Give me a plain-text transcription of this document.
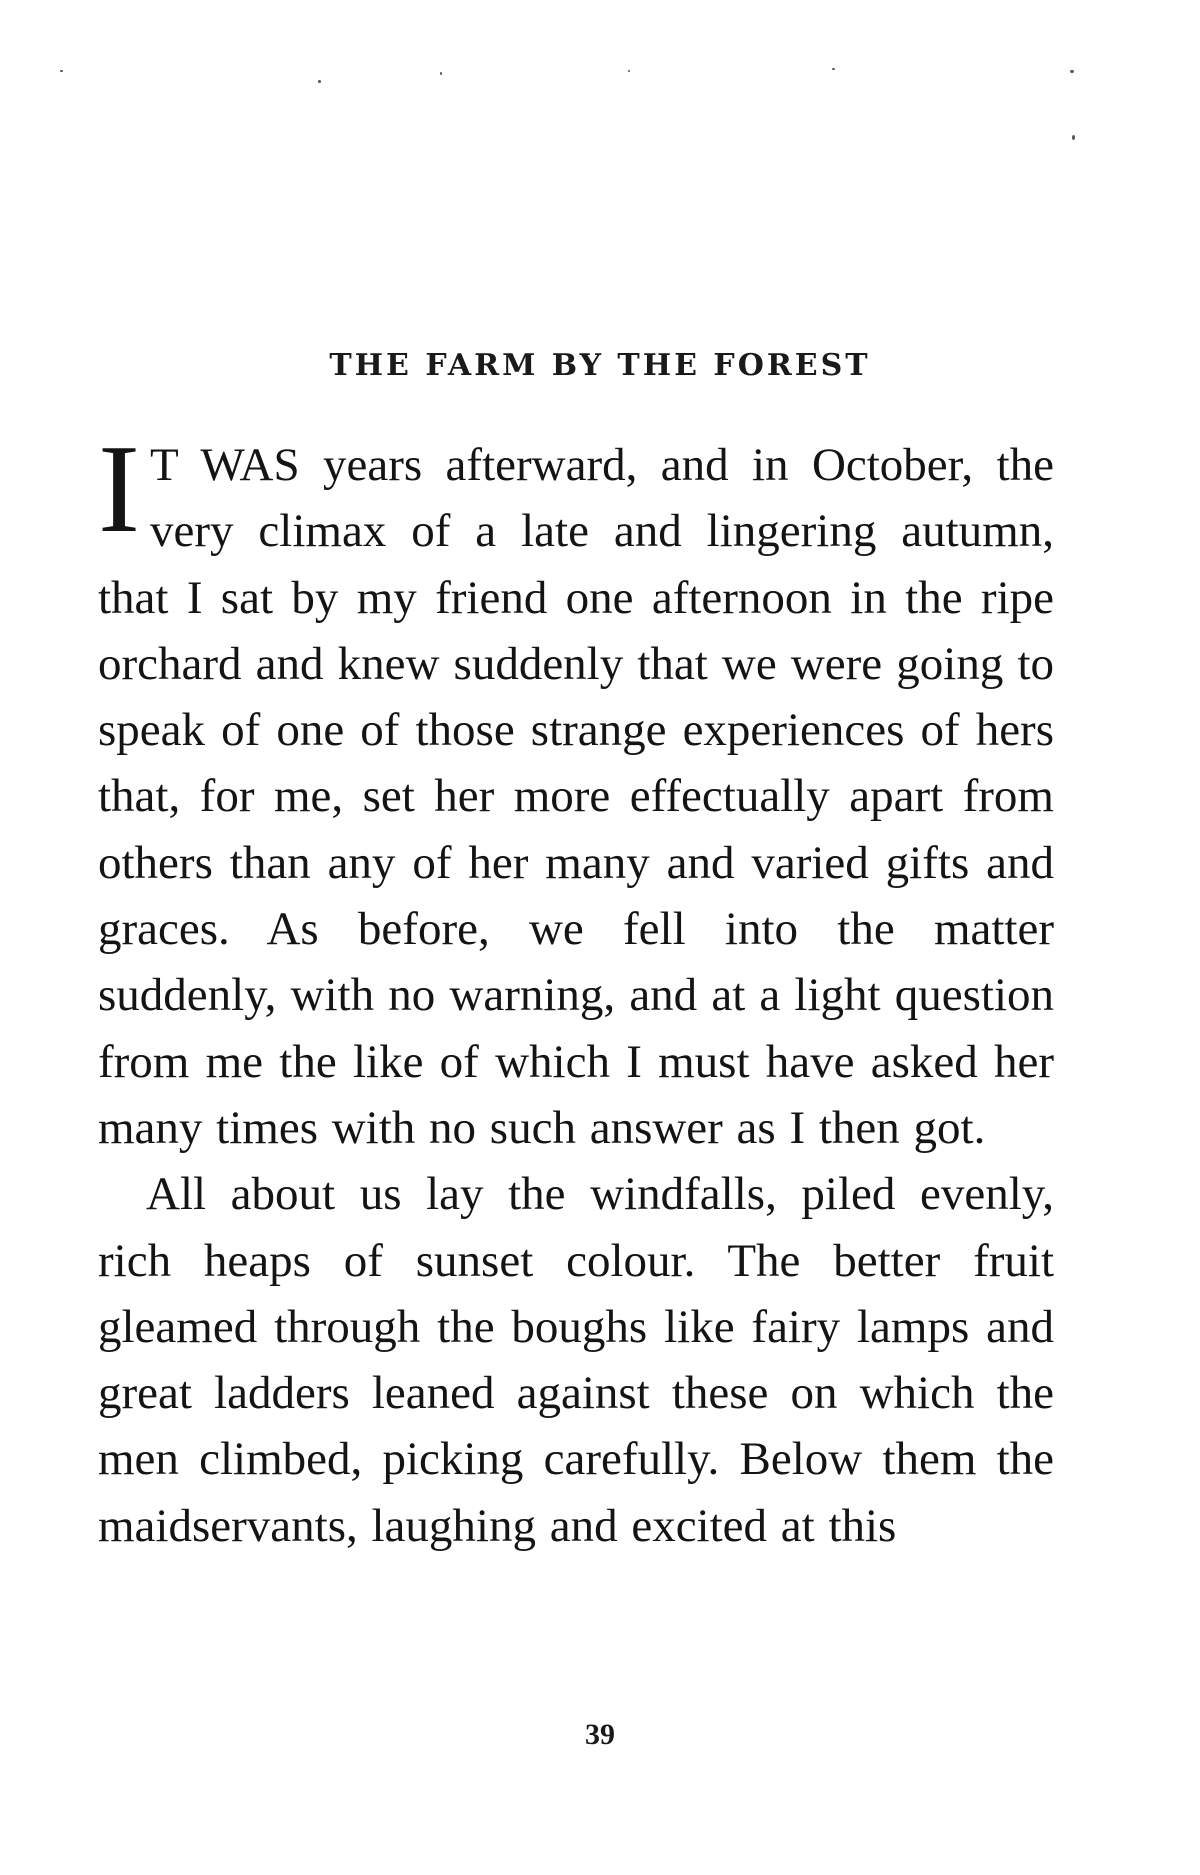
THE FARM BY THE FOREST

I T WAS years afterward, and in October, the very climax of a late and lingering autumn, that I sat by my friend one afternoon in the ripe orchard and knew suddenly that we were going to speak of one of those strange experiences of hers that, for me, set her more effectually apart from others than any of her many and varied gifts and graces. As before, we fell into the matter suddenly, with no warning, and at a light question from me the like of which I must have asked her many times with no such answer as I then got.

All about us lay the windfalls, piled evenly, rich heaps of sunset colour. The better fruit gleamed through the boughs like fairy lamps and great ladders leaned against these on which the men climbed, picking carefully. Below them the maidservants, laughing and excited at this

39
